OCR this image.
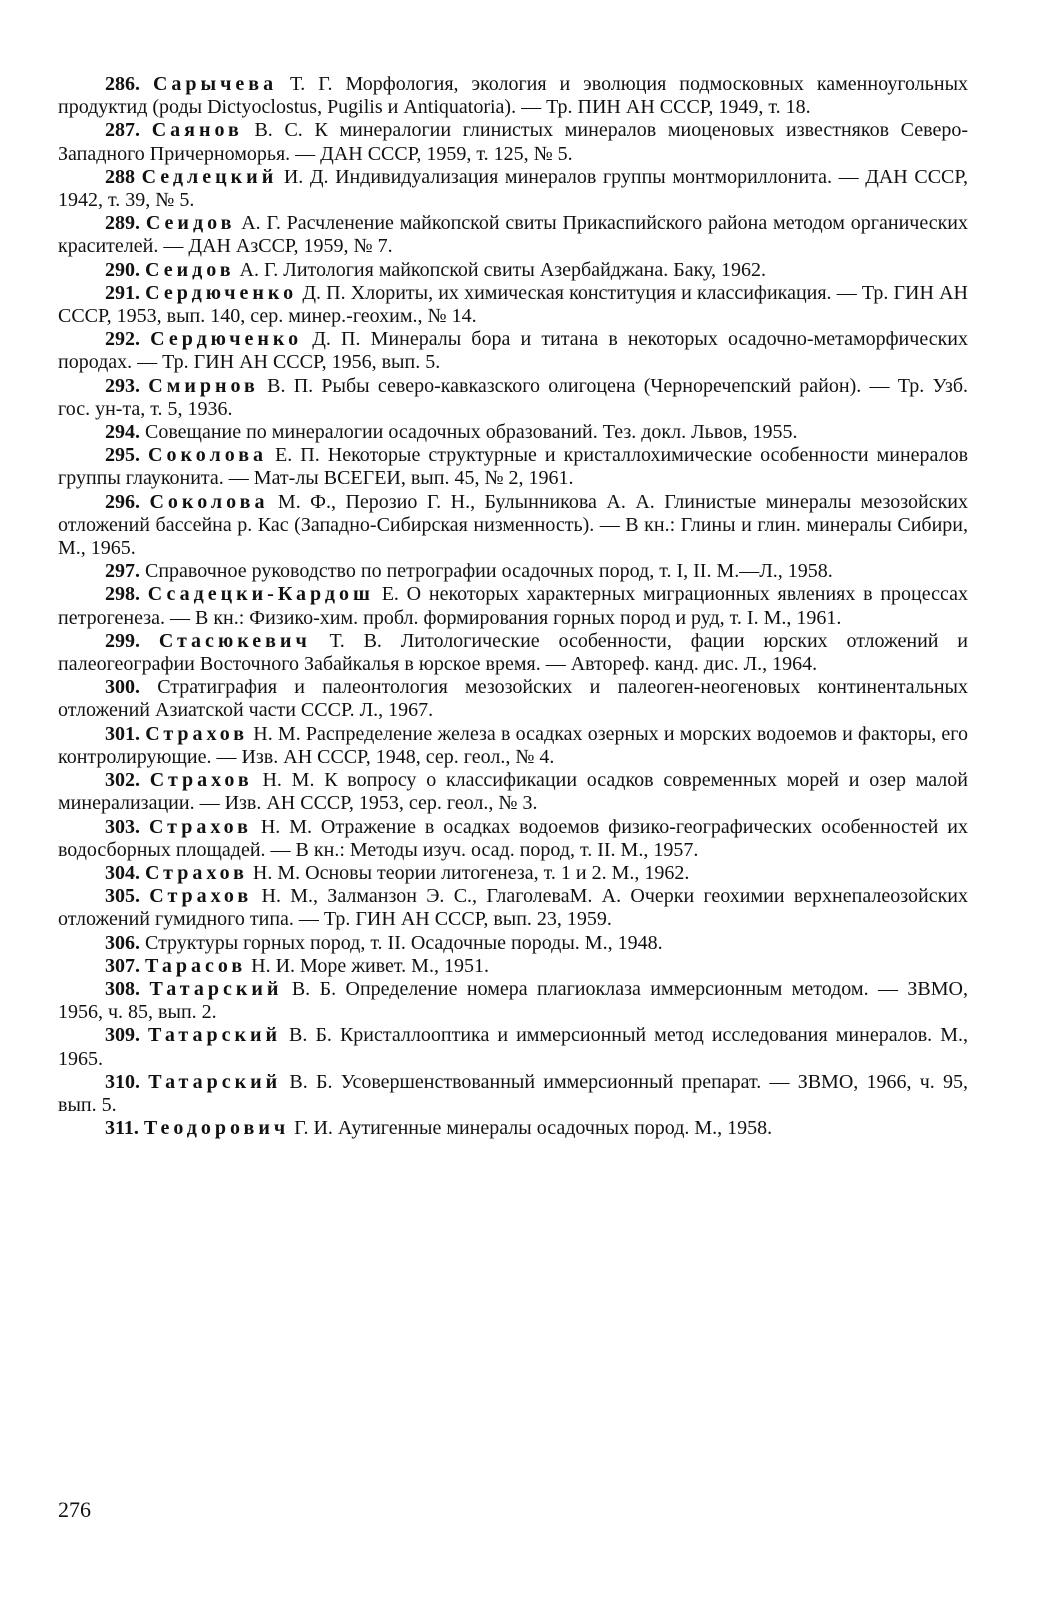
286. Сарычева Т. Г. Морфология, экология и эволюция подмосковных каменноугольных продуктид (роды Dictyoclostus, Pugilis и Antiquatoria). — Тр. ПИН АН СССР, 1949, т. 18.

287. Саянов В. С. К минералогии глинистых минералов миоценовых известняков Северо-Западного Причерноморья. — ДАН СССР, 1959, т. 125, № 5.

288 Седлецкий И. Д. Индивидуализация минералов группы монтмориллонита. — ДАН СССР, 1942, т. 39, № 5.

289. Сеидов А. Г. Расчленение майкопской свиты Прикаспийского района методом органических красителей. — ДАН АзССР, 1959, № 7.

290. Сеидов А. Г. Литология майкопской свиты Азербайджана. Баку, 1962.

291. Сердюченко Д. П. Хлориты, их химическая конституция и классификация. — Тр. ГИН АН СССР, 1953, вып. 140, сер. минер.-геохим., № 14.

292. Сердюченко Д. П. Минералы бора и титана в некоторых осадочно-метаморфических породах. — Тр. ГИН АН СССР, 1956, вып. 5.

293. Смирнов В. П. Рыбы северо-кавказского олигоцена (Черноречепский район). — Тр. Узб. гос. ун-та, т. 5, 1936.

294. Совещание по минералогии осадочных образований. Тез. докл. Львов, 1955.

295. Соколова Е. П. Некоторые структурные и кристаллохимические особенности минералов группы глауконита. — Мат-лы ВСЕГЕИ, вып. 45, № 2, 1961.

296. Соколова М. Ф., Перозио Г. Н., Булынникова А. А. Глинистые минералы мезозойских отложений бассейна р. Кас (Западно-Сибирская низменность). — В кн.: Глины и глин. минералы Сибири, М., 1965.

297. Справочное руководство по петрографии осадочных пород, т. I, II. М.—Л., 1958.

298. Ссадецки-Кардош Е. О некоторых характерных миграционных явлениях в процессах петрогенеза. — В кн.: Физико-хим. пробл. формирования горных пород и руд, т. I. М., 1961.

299. Стасюкевич Т. В. Литологические особенности, фации юрских отложений и палеогеографии Восточного Забайкалья в юрское время. — Автореф. канд. дис. Л., 1964.

300. Стратиграфия и палеонтология мезозойских и палеоген-неогеновых континентальных отложений Азиатской части СССР. Л., 1967.

301. Страхов Н. М. Распределение железа в осадках озерных и морских водоемов и факторы, его контролирующие. — Изв. АН СССР, 1948, сер. геол., № 4.

302. Страхов Н. М. К вопросу о классификации осадков современных морей и озер малой минерализации. — Изв. АН СССР, 1953, сер. геол., № 3.

303. Страхов Н. М. Отражение в осадках водоемов физико-географических особенностей их водосборных площадей. — В кн.: Методы изуч. осад. пород, т. II. М., 1957.

304. Страхов Н. М. Основы теории литогенеза, т. 1 и 2. М., 1962.

305. Страхов Н. М., Залманзон Э. С., ГлаголеваМ. А. Очерки геохимии верхнепалеозойских отложений гумидного типа. — Тр. ГИН АН СССР, вып. 23, 1959.

306. Структуры горных пород, т. II. Осадочные породы. М., 1948.

307. Тарасов Н. И. Море живет. М., 1951.

308. Татарский В. Б. Определение номера плагиоклаза иммерсионным методом. — ЗВМО, 1956, ч. 85, вып. 2.

309. Татарский В. Б. Кристаллооптика и иммерсионный метод исследования минералов. М., 1965.

310. Татарский В. Б. Усовершенствованный иммерсионный препарат. — ЗВМО, 1966, ч. 95, вып. 5.

311. Теодорович Г. И. Аутигенные минералы осадочных пород. М., 1958.

276
